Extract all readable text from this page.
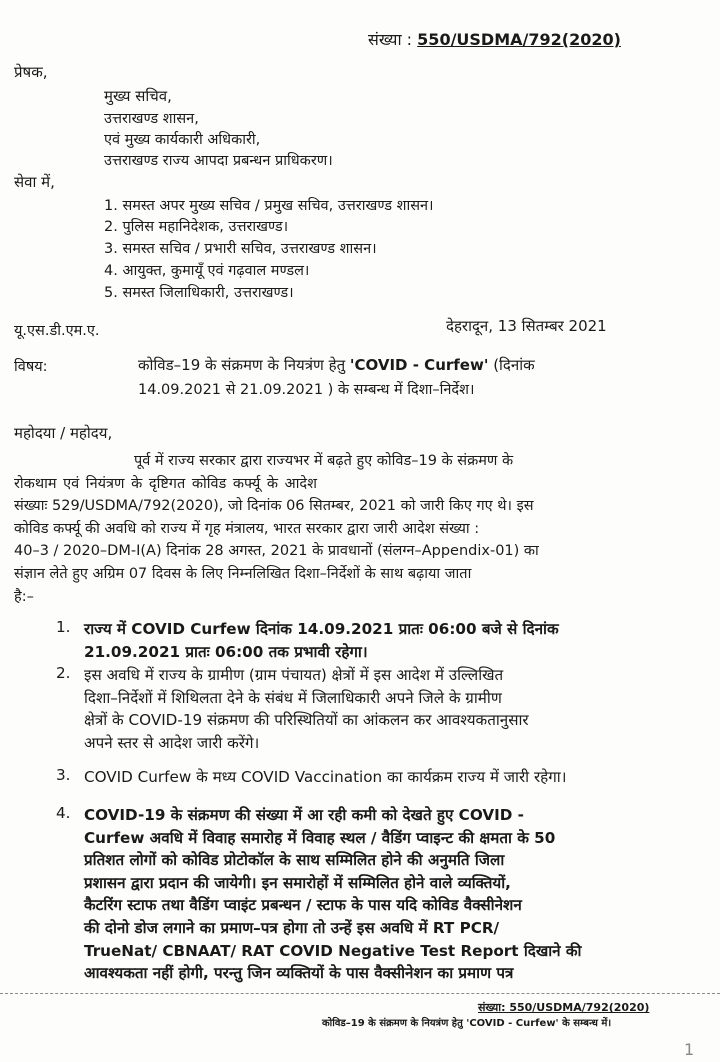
संख्या : 550/USDMA/792(2020)
प्रेषक,
मुख्य सचिव,
उत्तराखण्ड शासन,
एवं मुख्य कार्यकारी अधिकारी,
उत्तराखण्ड राज्य आपदा प्रबन्धन प्राधिकरण।
सेवा में,
1. समस्त अपर मुख्य सचिव / प्रमुख सचिव, उत्तराखण्ड शासन।
2. पुलिस महानिदेशक, उत्तराखण्ड।
3. समस्त सचिव / प्रभारी सचिव, उत्तराखण्ड शासन।
4. आयुक्त, कुमायूँ एवं गढ़वाल मण्डल।
5. समस्त जिलाधिकारी, उत्तराखण्ड।
यू.एस.डी.एम.ए.	देहरादून, 13 सितम्बर 2021
विषय:	कोविड–19 के संक्रमण के नियत्रंण हेतु 'COVID - Curfew' (दिनांक
14.09.2021 से 21.09.2021 ) के सम्बन्ध में दिशा–निर्देश।
महोदया / महोदय,
पूर्व में राज्य सरकार द्वारा राज्यभर में बढ़ते हुए कोविड–19 के संक्रमण के
रोकथाम एवं नियंत्रण के दृष्टिगत कोविड कर्फ्यू के आदेश
संख्याः 529/USDMA/792(2020), जो दिनांक 06 सितम्बर, 2021 को जारी किए गए थे। इस
कोविड कर्फ्यू की अवधि को राज्य में गृह मंत्रालय, भारत सरकार द्वारा जारी आदेश संख्या :
40–3 / 2020–DM-I(A) दिनांक 28 अगस्त, 2021 के प्रावधानों (संलग्न–Appendix-01) का
संज्ञान लेते हुए अग्रिम 07 दिवस के लिए निम्नलिखित दिशा–निर्देशों के साथ बढ़ाया जाता
है:–
1. राज्य में COVID Curfew दिनांक 14.09.2021 प्रातः 06:00 बजे से दिनांक
21.09.2021 प्रातः 06:00 तक प्रभावी रहेगा।
2. इस अवधि में राज्य के ग्रामीण (ग्राम पंचायत) क्षेत्रों में इस आदेश में उल्लिखित
दिशा–निर्देशों में शिथिलता देने के संबंध में जिलाधिकारी अपने जिले के ग्रामीण
क्षेत्रों के COVID-19 संक्रमण की परिस्थितियों का आंकलन कर आवश्यकतानुसार
अपने स्तर से आदेश जारी करेंगे।
3. COVID Curfew के मध्य COVID Vaccination का कार्यक्रम राज्य में जारी रहेगा।
4. COVID-19 के संक्रमण की संख्या में आ रही कमी को देखते हुए COVID -
Curfew अवधि में विवाह समारोह में विवाह स्थल / वैडिंग प्वाइन्ट की क्षमता के 50
प्रतिशत लोगों को कोविड प्रोटोकॉल के साथ सम्मिलित होने की अनुमति जिला
प्रशासन द्वारा प्रदान की जायेगी। इन समारोहों में सम्मिलित होने वाले व्यक्तियों,
कैटरिंग स्टाफ तथा वैडिंग प्वाइंट प्रबन्धन / स्टाफ के पास यदि कोविड वैक्सीनेशन
की दोनो डोज लगाने का प्रमाण–पत्र होगा तो उन्हें इस अवधि में RT PCR/
TrueNat/ CBNAAT/ RAT COVID Negative Test Report दिखाने की
आवश्यकता नहीं होगी, परन्तु जिन व्यक्तियों के पास वैक्सीनेशन का प्रमाण पत्र
संख्या: 550/USDMA/792(2020)
कोविड–19 के संक्रमण के नियत्रंण हेतु 'COVID - Curfew' के सम्बन्ध में।
1
